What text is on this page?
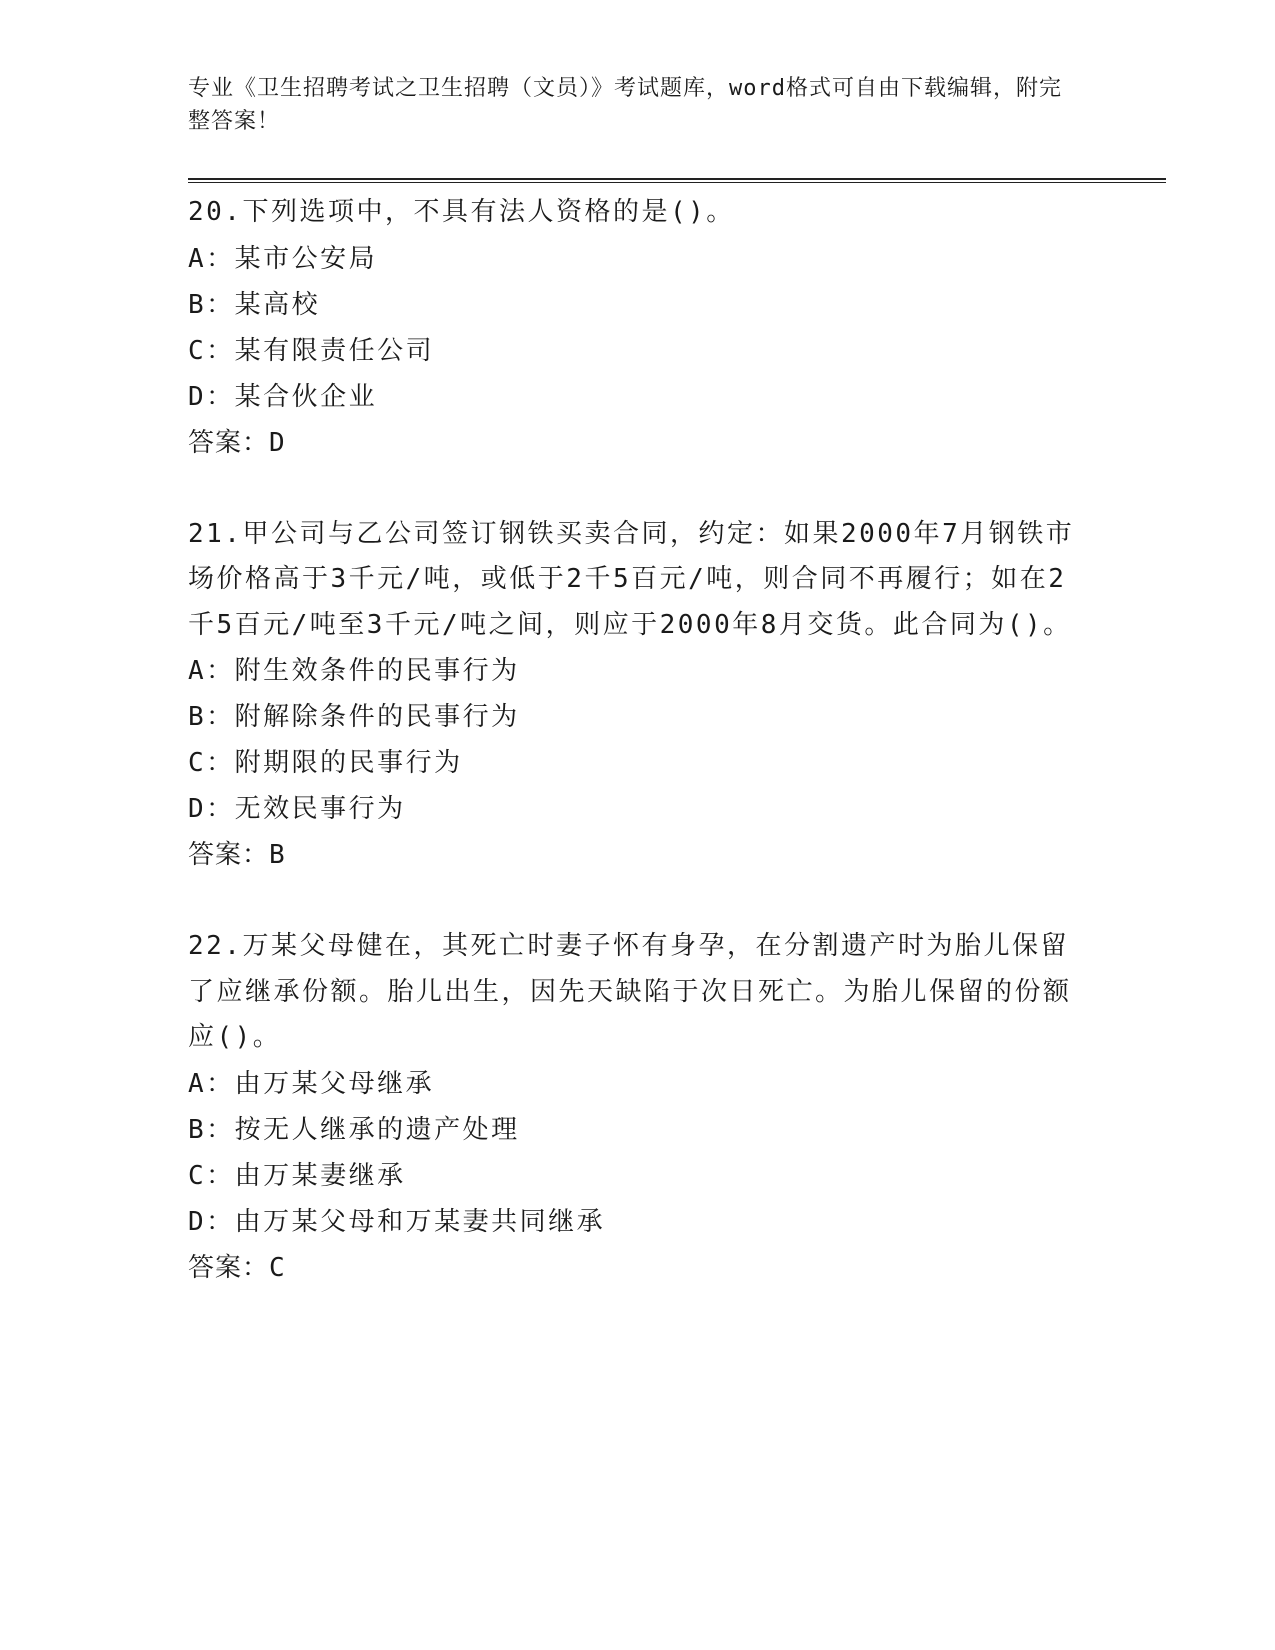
专业《卫生招聘考试之卫生招聘（文员）》考试题库，word格式可自由下载编辑，附完整答案！

20.下列选项中，不具有法人资格的是()。

A：某市公安局

B：某高校

C：某有限责任公司

D：某合伙企业

答案：D

21.甲公司与乙公司签订钢铁买卖合同，约定：如果2000年7月钢铁市场价格高于3千元/吨，或低于2千5百元/吨，则合同不再履行；如在2千5百元/吨至3千元/吨之间，则应于2000年8月交货。此合同为()。

A：附生效条件的民事行为

B：附解除条件的民事行为

C：附期限的民事行为

D：无效民事行为

答案：B

22.万某父母健在，其死亡时妻子怀有身孕，在分割遗产时为胎儿保留了应继承份额。胎儿出生，因先天缺陷于次日死亡。为胎儿保留的份额应()。

A：由万某父母继承

B：按无人继承的遗产处理

C：由万某妻继承

D：由万某父母和万某妻共同继承

答案：C
